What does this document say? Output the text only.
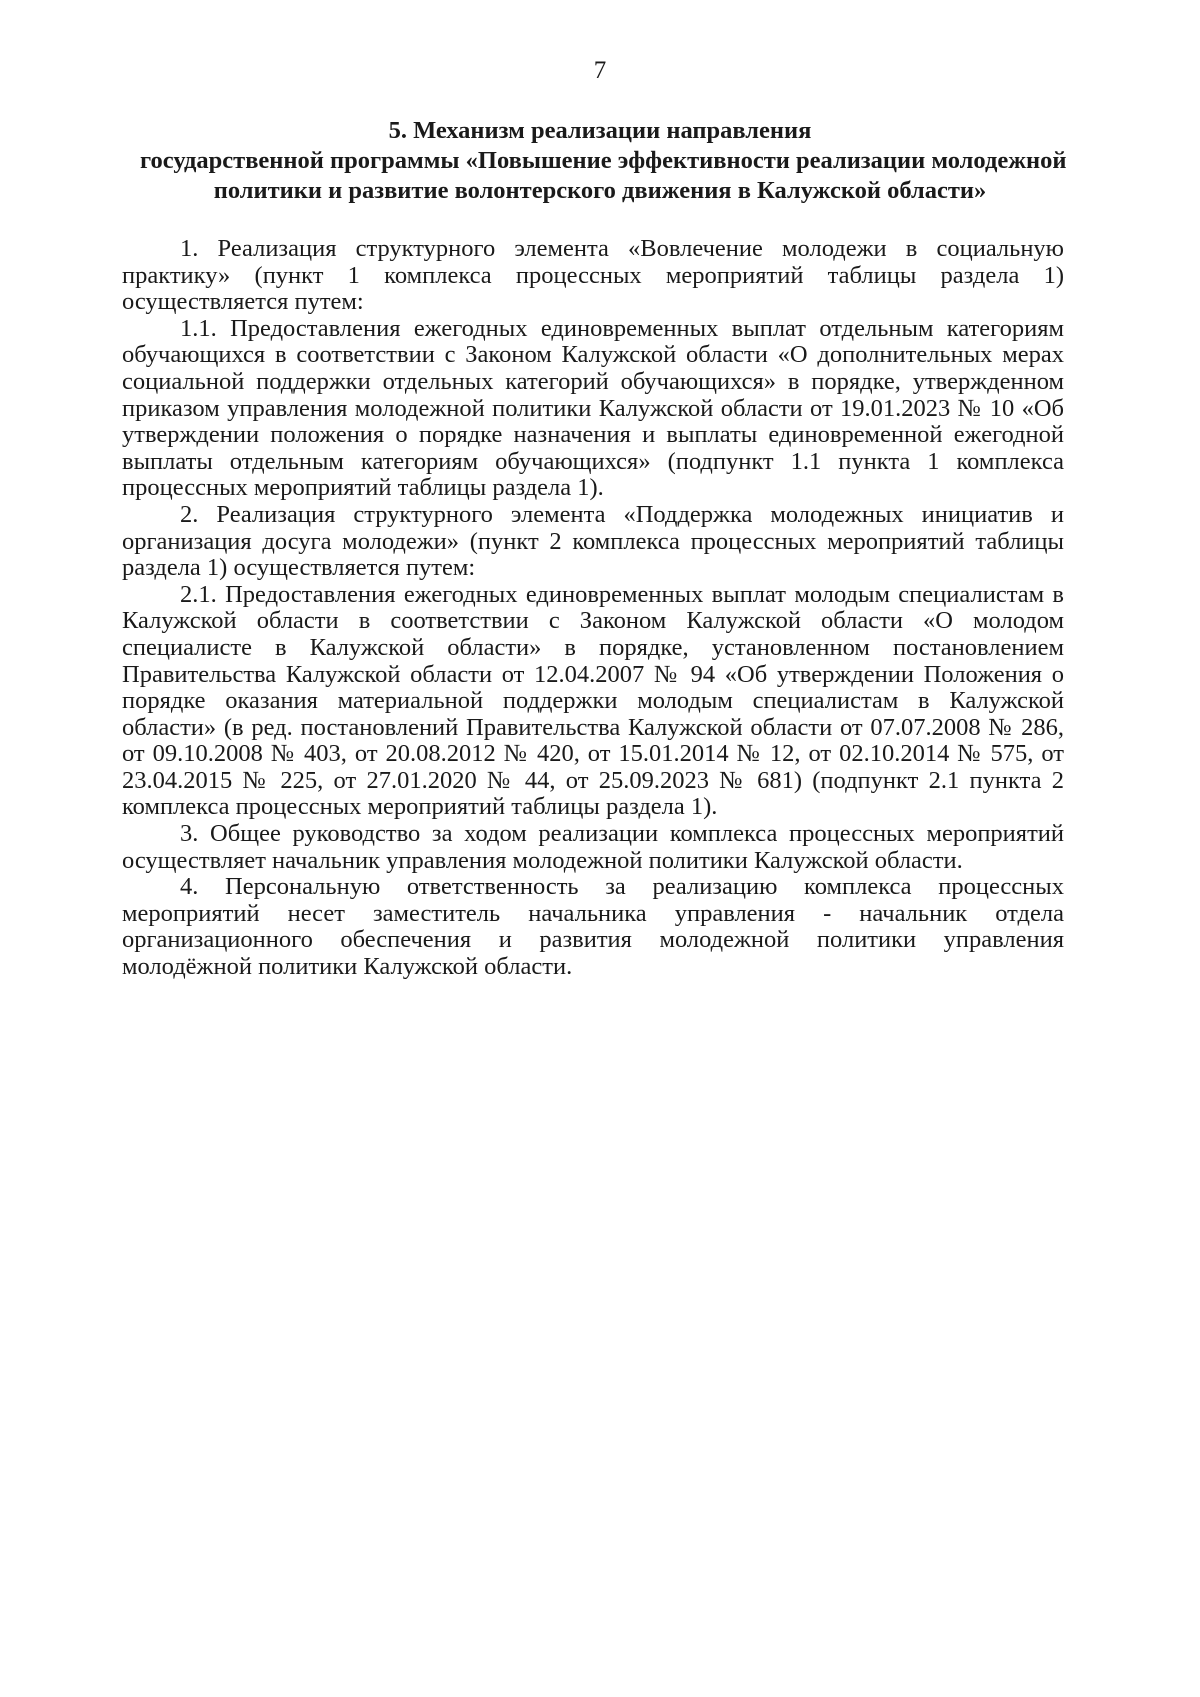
7
5. Механизм реализации направления
государственной программы «Повышение эффективности реализации молодежной
политики и развитие волонтерского движения в Калужской области»

1. Реализация структурного элемента «Вовлечение молодежи в социальную практику» (пункт 1 комплекса процессных мероприятий таблицы раздела 1) осуществляется путем:

1.1. Предоставления ежегодных единовременных выплат отдельным категориям обучающихся в соответствии с Законом Калужской области «О дополнительных мерах социальной поддержки отдельных категорий обучающихся» в порядке, утвержденном приказом управления молодежной политики Калужской области от 19.01.2023 № 10 «Об утверждении положения о порядке назначения и выплаты единовременной ежегодной выплаты отдельным категориям обучающихся» (подпункт 1.1 пункта 1 комплекса процессных мероприятий таблицы раздела 1).

2. Реализация структурного элемента «Поддержка молодежных инициатив и организация досуга молодежи» (пункт 2 комплекса процессных мероприятий таблицы раздела 1) осуществляется путем:

2.1. Предоставления ежегодных единовременных выплат молодым специалистам в Калужской области в соответствии с Законом Калужской области «О молодом специалисте в Калужской области» в порядке, установленном постановлением Правительства Калужской области от 12.04.2007 № 94 «Об утверждении Положения о порядке оказания материальной поддержки молодым специалистам в Калужской области» (в ред. постановлений Правительства Калужской области от 07.07.2008 № 286, от 09.10.2008 № 403, от 20.08.2012 № 420, от 15.01.2014 № 12, от 02.10.2014 № 575, от 23.04.2015 № 225, от 27.01.2020 № 44, от 25.09.2023 № 681) (подпункт 2.1 пункта 2 комплекса процессных мероприятий таблицы раздела 1).

3. Общее руководство за ходом реализации комплекса процессных мероприятий осуществляет начальник управления молодежной политики Калужской области.

4. Персональную ответственность за реализацию комплекса процессных мероприятий несет заместитель начальника управления - начальник отдела организационного обеспечения и развития молодежной политики управления молодёжной политики Калужской области.
